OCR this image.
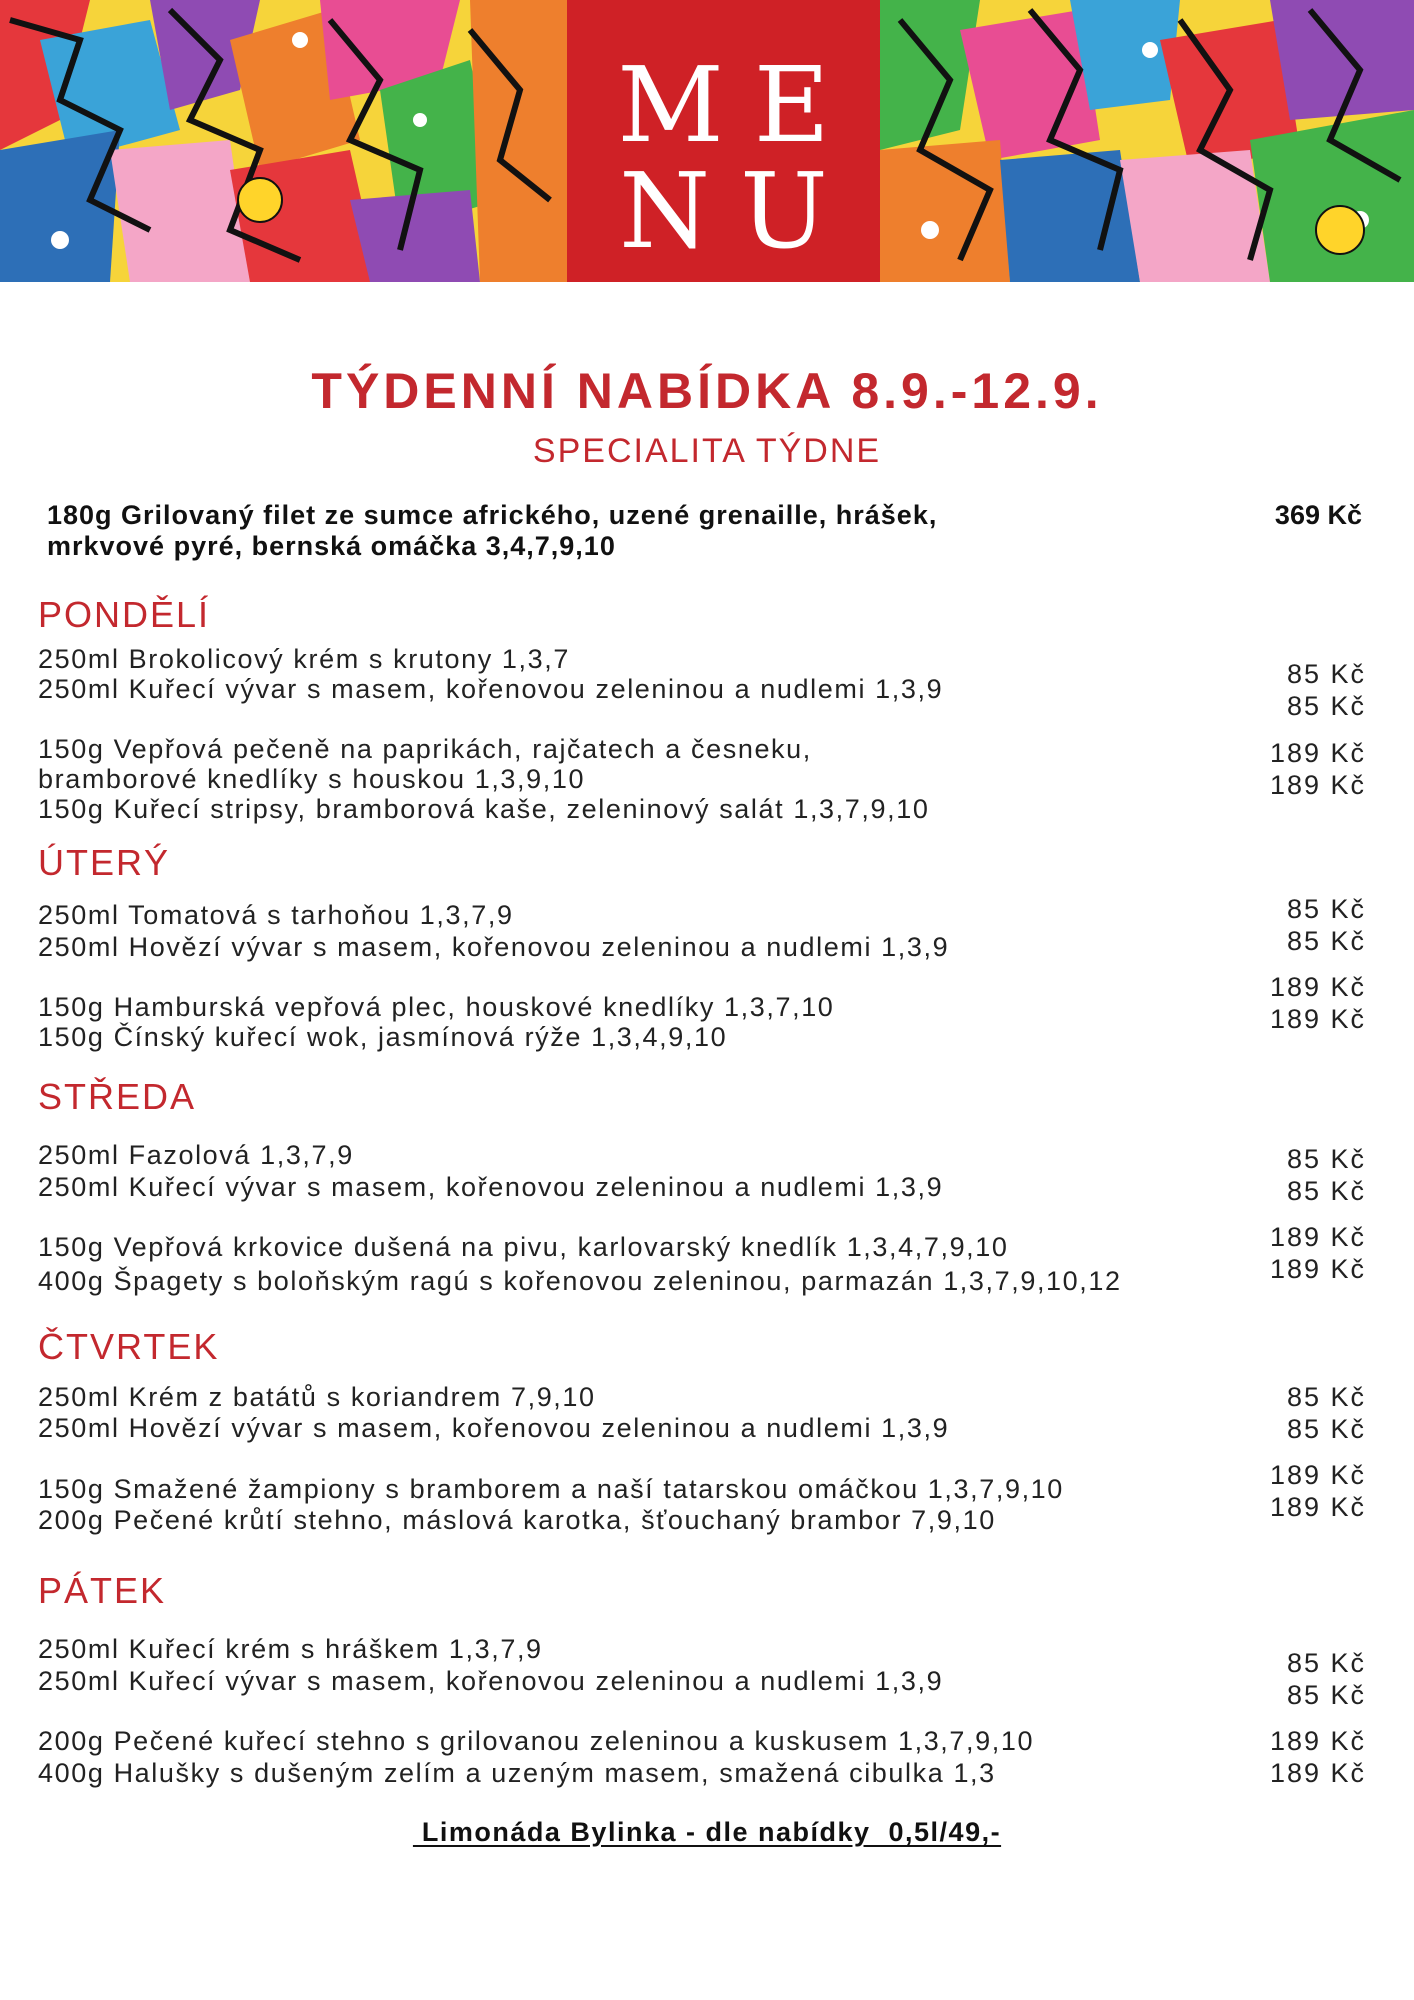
ME
NU
TÝDENNÍ NABÍDKA 8.9.-12.9.
SPECIALITA TÝDNE
180g Grilovaný filet ze sumce afrického, uzené grenaille, hrášek,
mrkvové pyré, bernská omáčka 3,4,7,9,10
369 Kč
PONDĚLÍ
250ml Brokolicový krém s krutony 1,3,7
250ml Kuřecí vývar s masem, kořenovou zeleninou a nudlemi 1,3,9
150g Vepřová pečeně na paprikách, rajčatech a česneku,
bramborové knedlíky s houskou 1,3,9,10
150g Kuřecí stripsy, bramborová kaše, zeleninový salát 1,3,7,9,10
85 Kč
85 Kč
189 Kč
189 Kč
ÚTERÝ
250ml Tomatová s tarhoňou 1,3,7,9
250ml Hovězí vývar s masem, kořenovou zeleninou a nudlemi 1,3,9
150g Hamburská vepřová plec, houskové knedlíky 1,3,7,10
150g Čínský kuřecí wok, jasmínová rýže 1,3,4,9,10
85 Kč
85 Kč
189 Kč
189 Kč
STŘEDA
250ml Fazolová 1,3,7,9
250ml Kuřecí vývar s masem, kořenovou zeleninou a nudlemi 1,3,9
150g Vepřová krkovice dušená na pivu, karlovarský knedlík 1,3,4,7,9,10
400g Špagety s boloňským ragú s kořenovou zeleninou, parmazán 1,3,7,9,10,12
85 Kč
85 Kč
189 Kč
189 Kč
ČTVRTEK
250ml Krém z batátů s koriandrem 7,9,10
250ml Hovězí vývar s masem, kořenovou zeleninou a nudlemi 1,3,9
150g Smažené žampiony s bramborem a naší tatarskou omáčkou 1,3,7,9,10
200g Pečené krůtí stehno, máslová karotka, šťouchaný brambor 7,9,10
85 Kč
85 Kč
189 Kč
189 Kč
PÁTEK
250ml Kuřecí krém s hráškem 1,3,7,9
250ml Kuřecí vývar s masem, kořenovou zeleninou a nudlemi 1,3,9
200g Pečené kuřecí stehno s grilovanou zeleninou a kuskusem 1,3,7,9,10
400g Halušky s dušeným zelím a uzeným masem, smažená cibulka 1,3
85 Kč
85 Kč
189 Kč
189 Kč
Limonáda Bylinka - dle nabídky  0,5l/49,-
